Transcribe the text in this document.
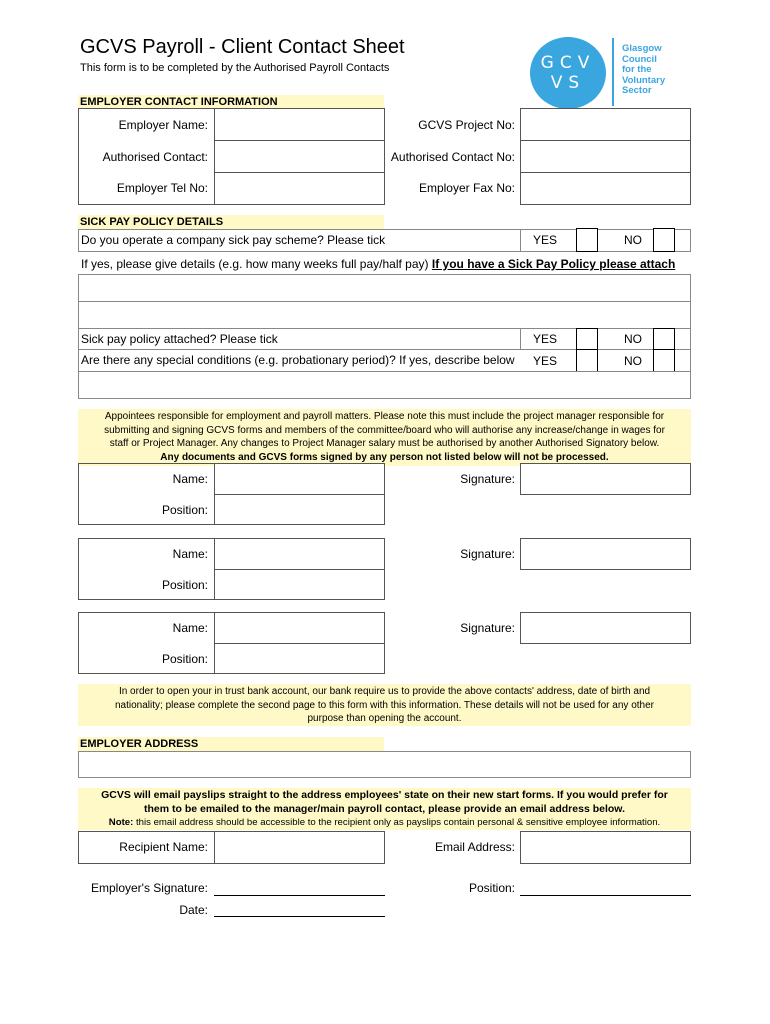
GCVS Payroll - Client Contact Sheet
This form is to be completed by the Authorised Payroll Contacts	GCV
VS
Glasgow
Council
for the
Voluntary
Sector
EMPLOYER CONTACT INFORMATION
Employer Name:	GCVS Project No:
Authorised Contact:	Authorised Contact No:
Employer Tel No:	Employer Fax No:
SICK PAY POLICY DETAILS
Do you operate a company sick pay scheme? Please tick	YES	NO
If yes, please give details (e.g. how many weeks full pay/half pay) If you have a Sick Pay Policy please attach
Sick pay policy attached? Please tick	YES	NO
Are there any special conditions (e.g. probationary period)? If yes, describe below	YES	NO
Appointees responsible for employment and payroll matters. Please note this must include the project manager responsible for
submitting and signing GCVS forms and members of the committee/board who will authorise any increase/change in wages for
staff or Project Manager. Any changes to Project Manager salary must be authorised by another Authorised Signatory below.
Any documents and GCVS forms signed by any person not listed below will not be processed.
Name:	Signature:
Position:
Name:	Signature:
Position:
Name:	Signature:
Position:
In order to open your in trust bank account, our bank require us to provide the above contacts' address, date of birth and
nationality; please complete the second page to this form with this information. These details will not be used for any other
purpose than opening the account.
EMPLOYER ADDRESS
GCVS will email payslips straight to the address employees' state on their new start forms. If you would prefer for
them to be emailed to the manager/main payroll contact, please provide an email address below.
Note: this email address should be accessible to the recipient only as payslips contain personal & sensitive employee information.
Recipient Name:	Email Address:
Employer's Signature:	Position:
Date:
